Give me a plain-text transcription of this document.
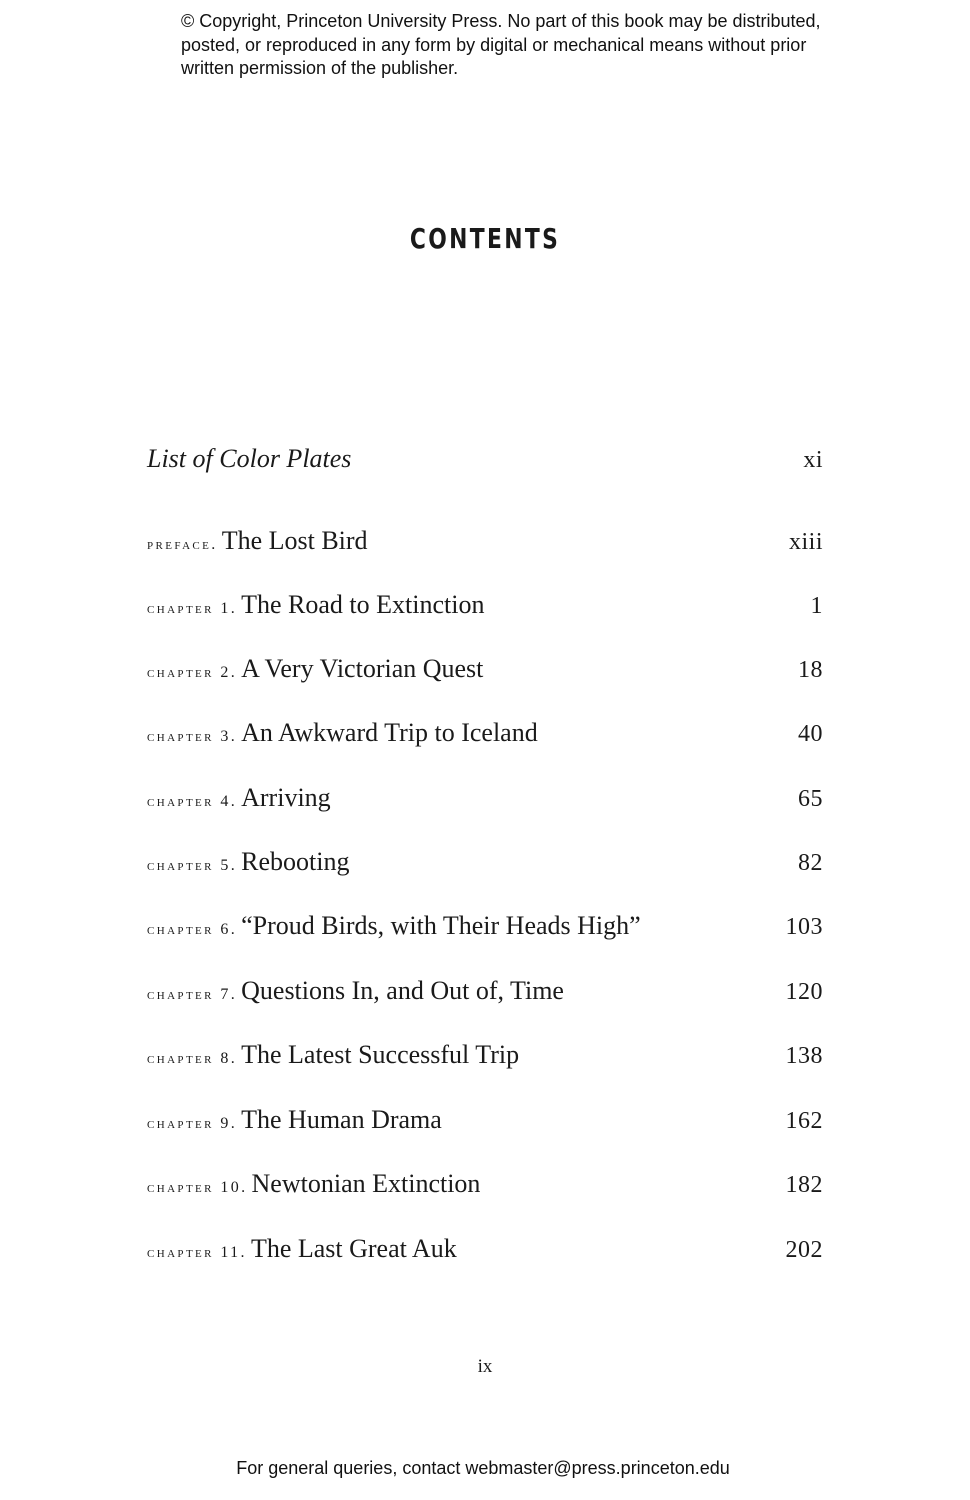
© Copyright, Princeton University Press. No part of this book may be distributed, posted, or reproduced in any form by digital or mechanical means without prior written permission of the publisher.
CONTENTS
List of Color Plates	xi
preface. The Lost Bird	xiii
chapter 1. The Road to Extinction	1
chapter 2. A Very Victorian Quest	18
chapter 3. An Awkward Trip to Iceland	40
chapter 4. Arriving	65
chapter 5. Rebooting	82
chapter 6. “Proud Birds, with Their Heads High”	103
chapter 7. Questions In, and Out of, Time	120
chapter 8. The Latest Successful Trip	138
chapter 9. The Human Drama	162
chapter 10. Newtonian Extinction	182
chapter 11. The Last Great Auk	202
ix
For general queries, contact webmaster@press.princeton.edu
